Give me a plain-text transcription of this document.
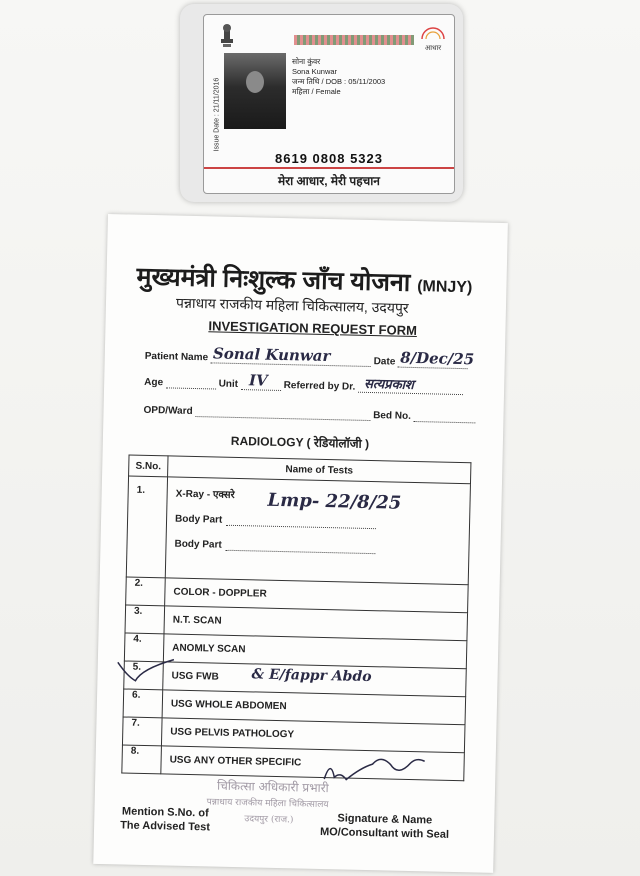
आधार
Issue Date : 21/11/2016
सोना कुंवर
Sona Kunwar
जन्म तिथि / DOB : 05/11/2003
महिला / Female
8619 0808 5323
मेरा आधार, मेरी पहचान
मुख्यमंत्री निःशुल्क जाँच योजना (MNJY)
पन्नाधाय राजकीय महिला चिकित्सालय, उदयपुर
INVESTIGATION REQUEST FORM
Patient Name Sonal Kunwar	Date 8/Dec/25
Age	Unit IV Referred by Dr. सत्यप्रकाश
OPD/Ward	Bed No.
RADIOLOGY ( रेडियोलॉजी )
S.No.	Name of Tests
1.	X-Ray - एक्सरे Lmp- 22/8/25
Body Part
Body Part

2.	COLOR - DOPPLER
3.	N.T. SCAN
4.	ANOMLY SCAN
5.	USG FWB & E/fappr Abdo

6.	USG WHOLE ABDOMEN
7.	USG PELVIS PATHOLOGY
8.	USG ANY OTHER SPECIFIC
चिकित्सा अधिकारी प्रभारी
पन्नाधाय राजकीय महिला चिकित्सालय
उदयपुर (राज.)
Mention S.No. of
The Advised Test	Signature & Name
MO/Consultant with Seal
